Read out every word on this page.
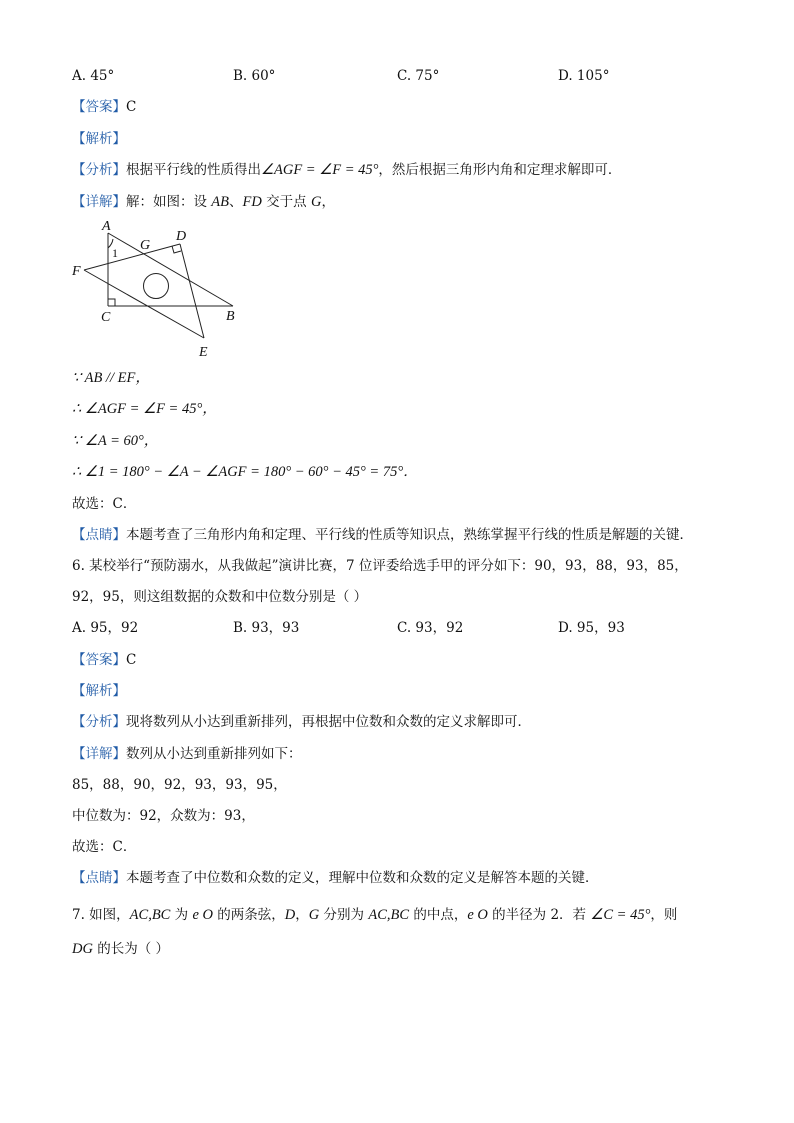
A. 45°	B. 60°	C. 75°	D. 105°
【答案】C
【解析】
【分析】根据平行线的性质得出∠AGF = ∠F = 45°，然后根据三角形内角和定理求解即可．
【详解】解：如图：设 AB、FD 交于点 G，
A
D
G
F
C	B
E
1
∵ AB // EF，
∴ ∠AGF = ∠F = 45°，
∵ ∠A = 60°，
∴ ∠1 = 180° − ∠A − ∠AGF = 180° − 60° − 45° = 75°．
故选：C．
【点睛】本题考查了三角形内角和定理、平行线的性质等知识点，熟练掌握平行线的性质是解题的关键．
6. 某校举行“预防溺水，从我做起”演讲比赛，7 位评委给选手甲的评分如下：90，93，88，93，85，
92，95，则这组数据的众数和中位数分别是（ ）
A. 95，92	B. 93，93	C. 93，92	D. 95，93
【答案】C
【解析】
【分析】现将数列从小达到重新排列，再根据中位数和众数的定义求解即可．
【详解】数列从小达到重新排列如下：
85，88，90，92，93，93，95，
中位数为：92，众数为：93，
故选：C．
【点睛】本题考查了中位数和众数的定义，理解中位数和众数的定义是解答本题的关键．
7. 如图，AC,BC 为 e O 的两条弦，D，G 分别为 AC,BC 的中点，e O 的半径为 2．若 ∠C = 45°，则
DG 的长为（ ）
